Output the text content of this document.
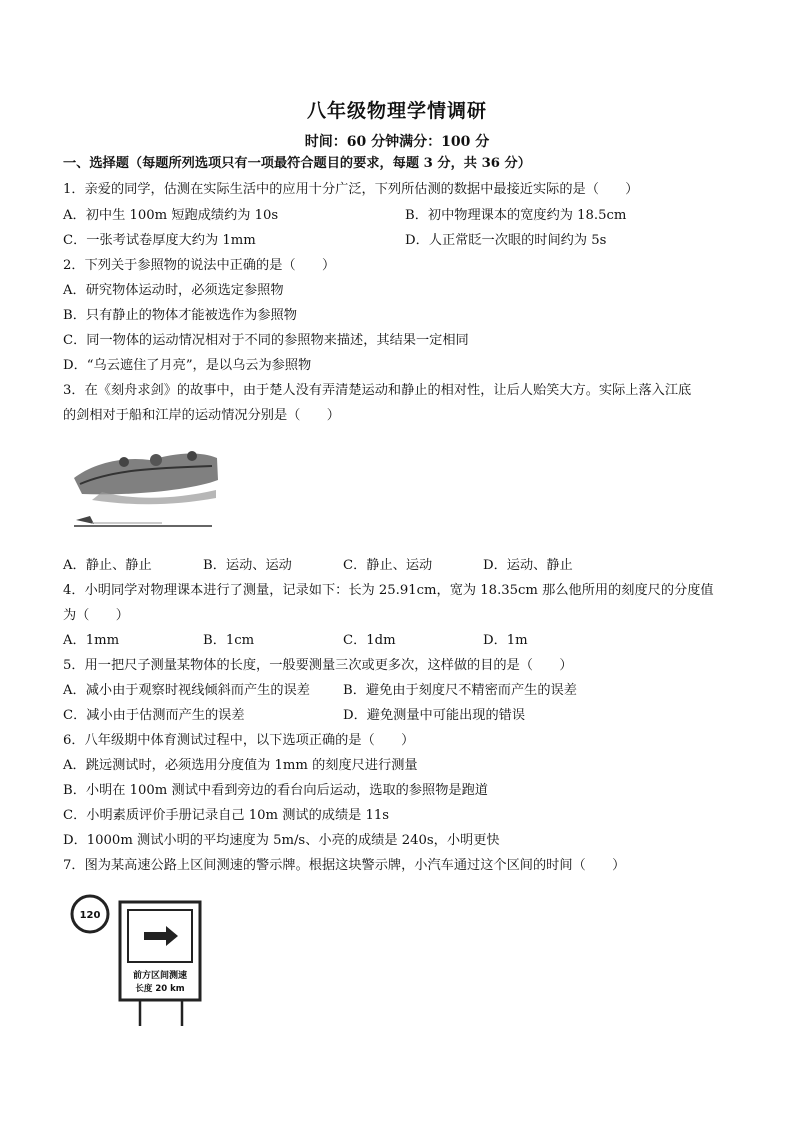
八年级物理学情调研
时间：60 分钟满分：100 分
一、选择题（每题所列选项只有一项最符合题目的要求，每题 3 分，共 36 分）
1．亲爱的同学，估测在实际生活中的应用十分广泛，下列所估测的数据中最接近实际的是（　　）
A．初中生 100m 短跑成绩约为 10s	B．初中物理课本的宽度约为 18.5cm
C．一张考试卷厚度大约为 1mm	D．人正常眨一次眼的时间约为 5s
2．下列关于参照物的说法中正确的是（　　）
A．研究物体运动时，必须选定参照物
B．只有静止的物体才能被选作为参照物
C．同一物体的运动情况相对于不同的参照物来描述，其结果一定相同
D．“乌云遮住了月亮”，是以乌云为参照物
3．在《刻舟求剑》的故事中，由于楚人没有弄清楚运动和静止的相对性，让后人贻笑大方。实际上落入江底
的剑相对于船和江岸的运动情况分别是（　　）
A．静止、静止	B．运动、运动	C．静止、运动	D．运动、静止
4．小明同学对物理课本进行了测量，记录如下：长为 25.91cm，宽为 18.35cm 那么他所用的刻度尺的分度值
为（　　）
A．1mm	B．1cm	C．1dm	D．1m
5．用一把尺子测量某物体的长度，一般要测量三次或更多次，这样做的目的是（　　）
A．减小由于观察时视线倾斜而产生的误差	B．避免由于刻度尺不精密而产生的误差
C．减小由于估测而产生的误差	D．避免测量中可能出现的错误
6．八年级期中体育测试过程中，以下选项正确的是（　　）
A．跳远测试时，必须选用分度值为 1mm 的刻度尺进行测量
B．小明在 100m 测试中看到旁边的看台向后运动，选取的参照物是跑道
C．小明素质评价手册记录自己 10m 测试的成绩是 11s
D．1000m 测试小明的平均速度为 5m/s、小亮的成绩是 240s，小明更快
7．图为某高速公路上区间测速的警示牌。根据这块警示牌，小汽车通过这个区间的时间（　　）
120
前方区间测速
长度 20 km
